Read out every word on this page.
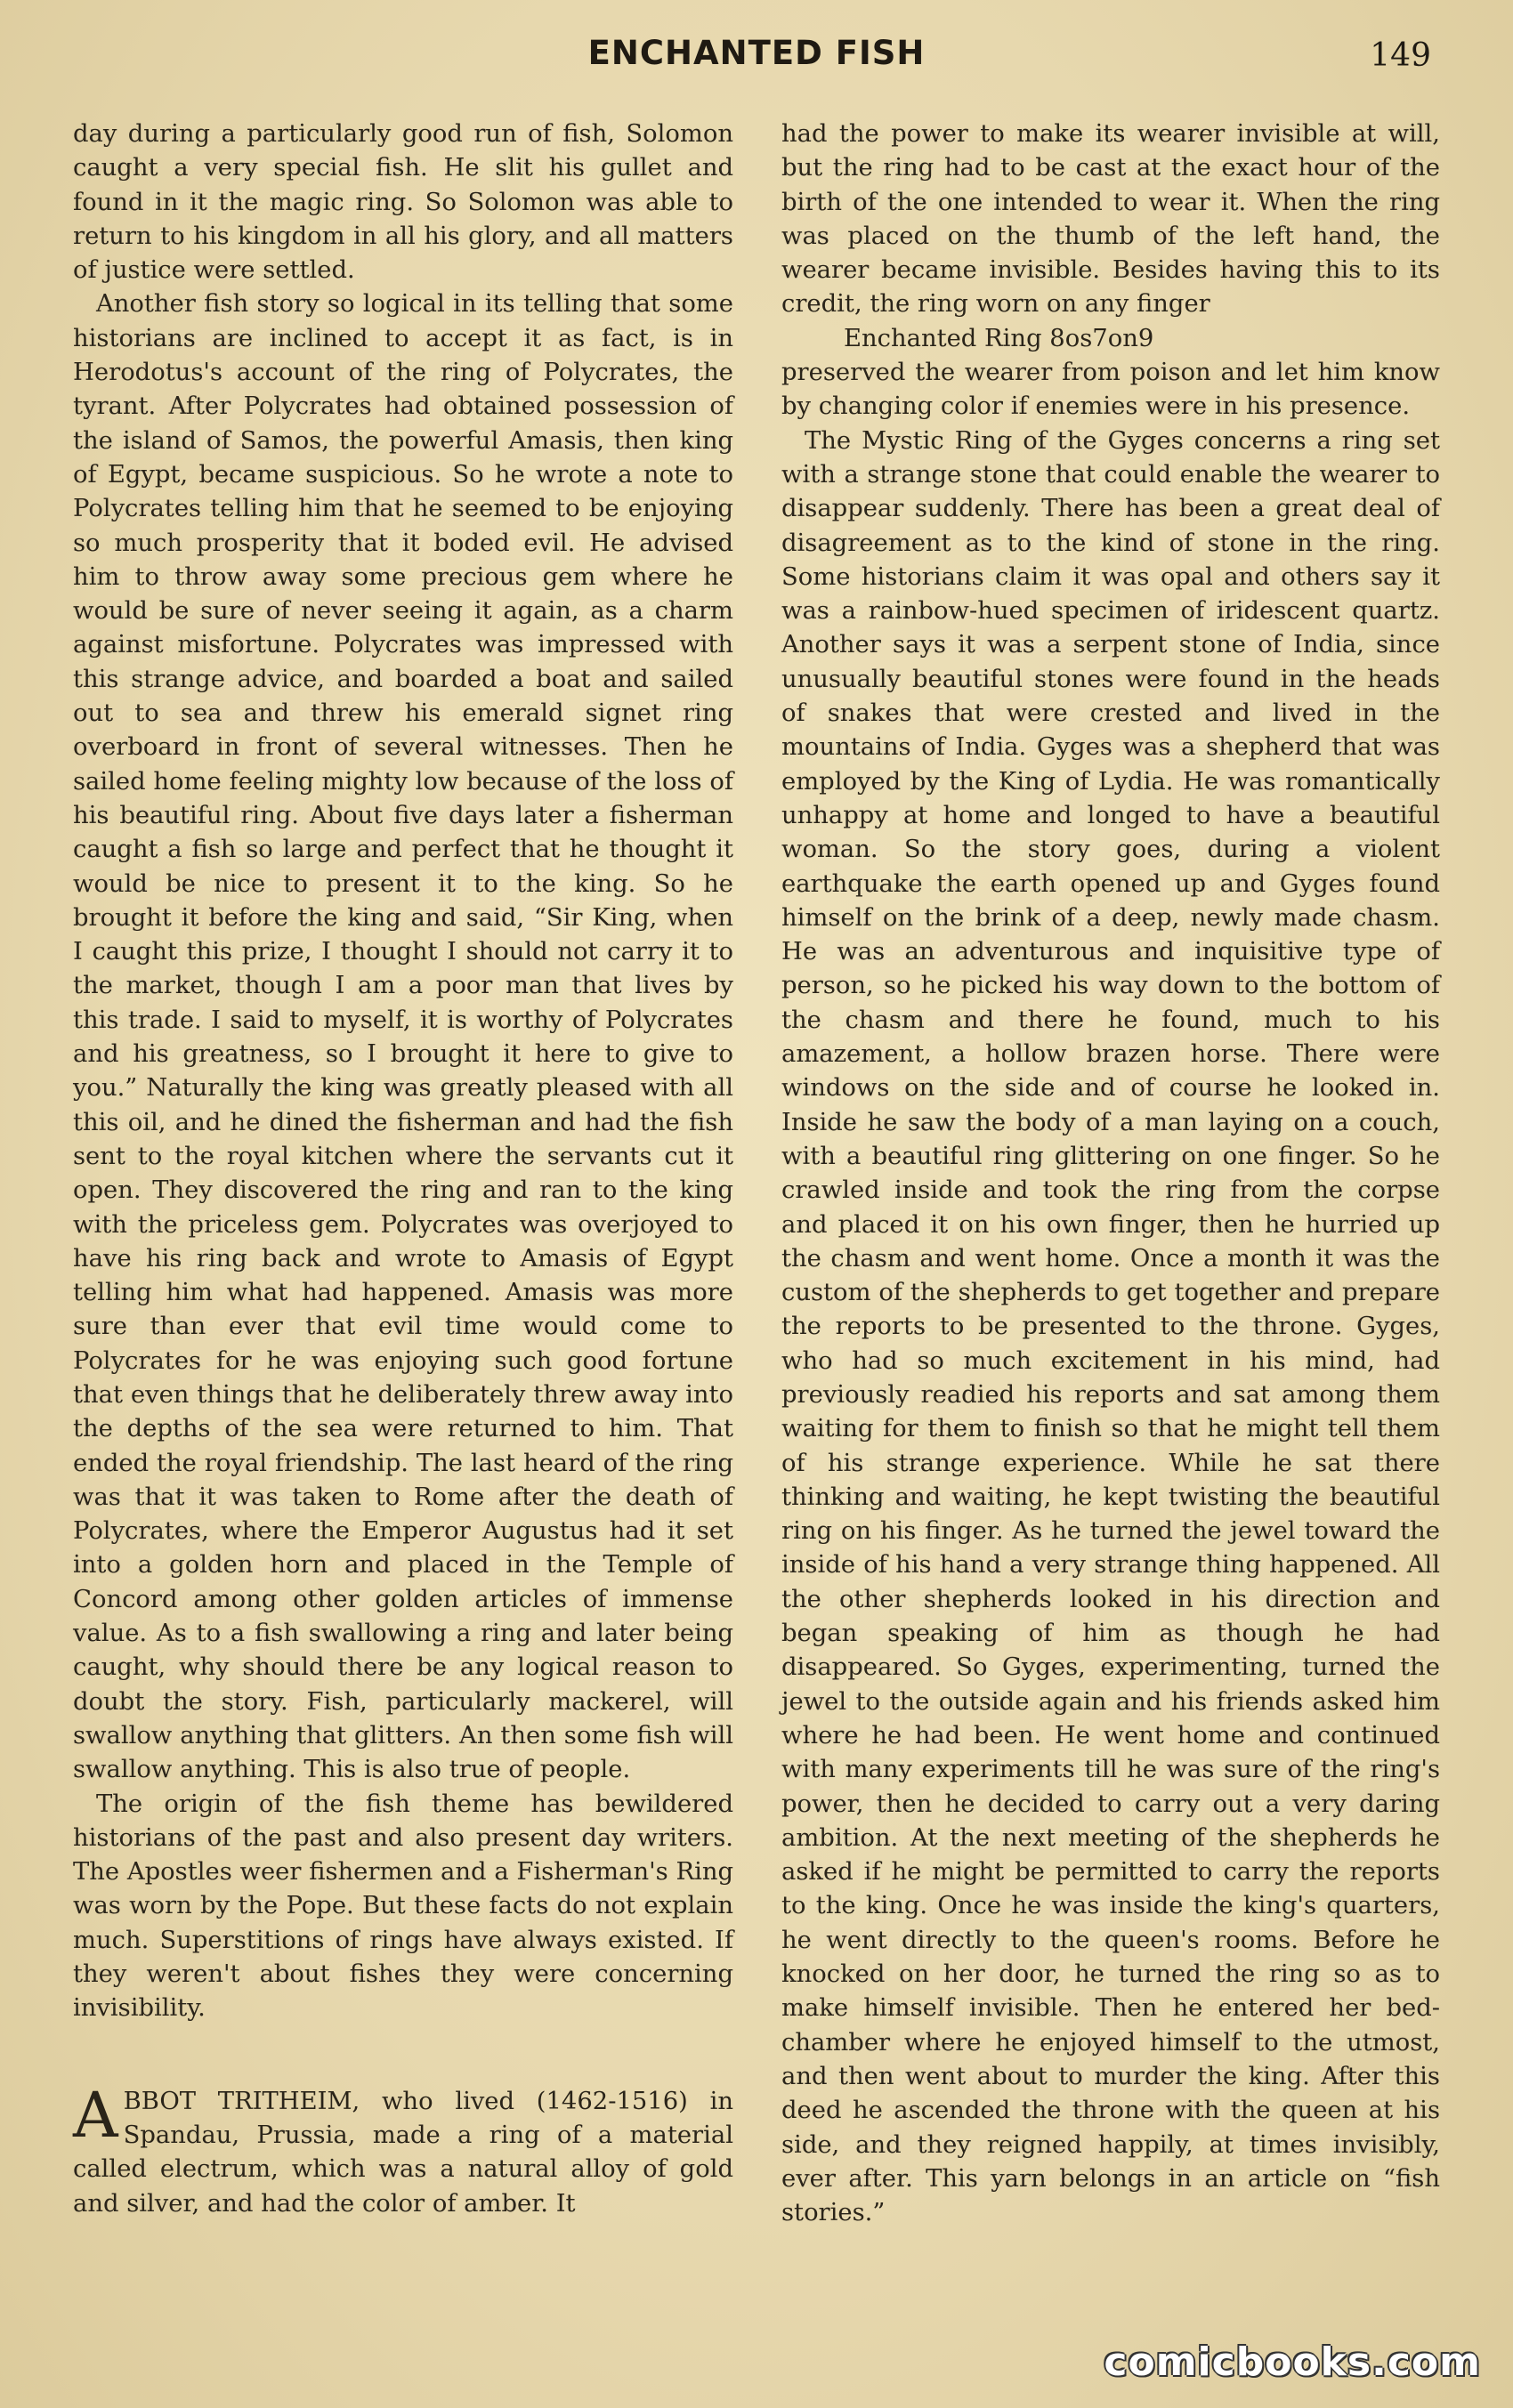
ENCHANTED FISH	149

day during a particularly good run of fish, Solomon caught a very special fish. He slit his gullet and found in it the magic ring. So Solomon was able to return to his kingdom in all his glory, and all matters of justice were settled.

Another fish story so logical in its telling that some historians are inclined to accept it as fact, is in Herodotus's account of the ring of Polycrates, the tyrant. After Polycrates had obtained possession of the island of Samos, the powerful Amasis, then king of Egypt, became suspicious. So he wrote a note to Polycrates telling him that he seemed to be enjoying so much prosperity that it boded evil. He advised him to throw away some precious gem where he would be sure of never seeing it again, as a charm against misfortune. Polycrates was impressed with this strange advice, and boarded a boat and sailed out to sea and threw his emerald signet ring overboard in front of several witnesses. Then he sailed home feeling mighty low because of the loss of his beautiful ring. About five days later a fisherman caught a fish so large and perfect that he thought it would be nice to present it to the king. So he brought it before the king and said, “Sir King, when I caught this prize, I thought I should not carry it to the market, though I am a poor man that lives by this trade. I said to myself, it is worthy of Polycrates and his greatness, so I brought it here to give to you.” Naturally the king was greatly pleased with all this oil, and he dined the fisherman and had the fish sent to the royal kitchen where the servants cut it open. They discovered the ring and ran to the king with the priceless gem. Polycrates was overjoyed to have his ring back and wrote to Amasis of Egypt telling him what had happened. Amasis was more sure than ever that evil time would come to Polycrates for he was enjoying such good fortune that even things that he deliberately threw away into the depths of the sea were returned to him. That ended the royal friendship. The last heard of the ring was that it was taken to Rome after the death of Polycrates, where the Emperor Augustus had it set into a golden horn and placed in the Temple of Concord among other golden articles of immense value. As to a fish swallowing a ring and later being caught, why should there be any logical reason to doubt the story. Fish, particularly mackerel, will swallow anything that glitters. An then some fish will swallow anything. This is also true of people.

The origin of the fish theme has bewildered historians of the past and also present day writers. The Apostles weer fishermen and a Fisherman's Ring was worn by the Pope. But these facts do not explain much. Superstitions of rings have always existed. If they weren't about fishes they were concerning invisibility.

ABBOT TRITHEIM, who lived (1462-1516) in Spandau, Prussia, made a ring of a material called electrum, which was a natural alloy of gold and silver, and had the color of amber. It

had the power to make its wearer invisible at will, but the ring had to be cast at the exact hour of the birth of the one intended to wear it. When the ring was placed on the thumb of the left hand, the wearer became invisible. Besides having this to its credit, the ring worn on any finger

Enchanted Ring 8os7on9

preserved the wearer from poison and let him know by changing color if enemies were in his presence.

The Mystic Ring of the Gyges concerns a ring set with a strange stone that could enable the wearer to disappear suddenly. There has been a great deal of disagreement as to the kind of stone in the ring. Some historians claim it was opal and others say it was a rainbow-hued specimen of iridescent quartz. Another says it was a serpent stone of India, since unusually beautiful stones were found in the heads of snakes that were crested and lived in the mountains of India. Gyges was a shepherd that was employed by the King of Lydia. He was romantically unhappy at home and longed to have a beautiful woman. So the story goes, during a violent earthquake the earth opened up and Gyges found himself on the brink of a deep, newly made chasm. He was an adventurous and inquisitive type of person, so he picked his way down to the bottom of the chasm and there he found, much to his amazement, a hollow brazen horse. There were windows on the side and of course he looked in. Inside he saw the body of a man laying on a couch, with a beautiful ring glittering on one finger. So he crawled inside and took the ring from the corpse and placed it on his own finger, then he hurried up the chasm and went home. Once a month it was the custom of the shepherds to get together and prepare the reports to be presented to the throne. Gyges, who had so much excitement in his mind, had previously readied his reports and sat among them waiting for them to finish so that he might tell them of his strange experience. While he sat there thinking and waiting, he kept twisting the beautiful ring on his finger. As he turned the jewel toward the inside of his hand a very strange thing happened. All the other shepherds looked in his direction and began speaking of him as though he had disappeared. So Gyges, experimenting, turned the jewel to the outside again and his friends asked him where he had been. He went home and continued with many experiments till he was sure of the ring's power, then he decided to carry out a very daring ambition. At the next meeting of the shepherds he asked if he might be permitted to carry the reports to the king. Once he was inside the king's quarters, he went directly to the queen's rooms. Before he knocked on her door, he turned the ring so as to make himself invisible. Then he entered her bed-chamber where he enjoyed himself to the utmost, and then went about to murder the king. After this deed he ascended the throne with the queen at his side, and they reigned happily, at times invisibly, ever after. This yarn belongs in an article on “fish stories.”

comicbooks.com
